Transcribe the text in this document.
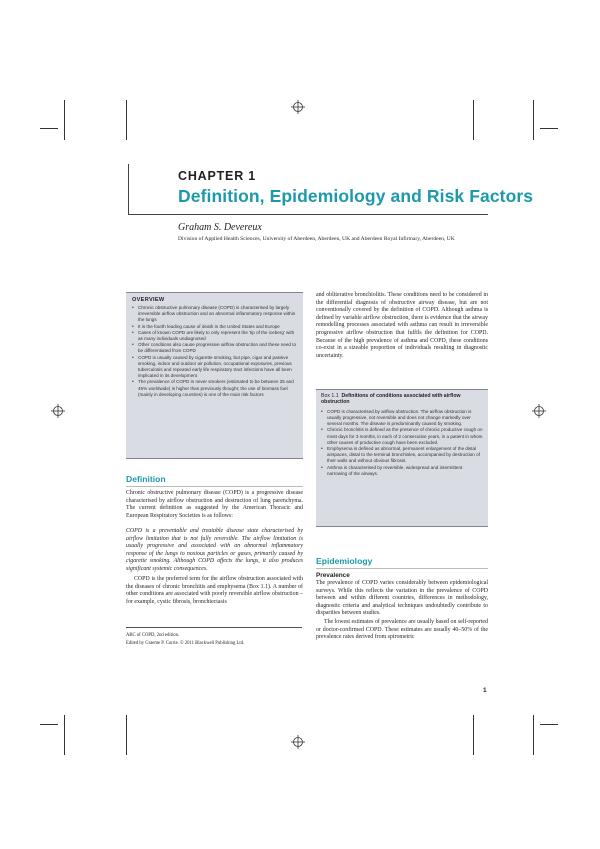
CHAPTER 1
Definition, Epidemiology and Risk Factors
Graham S. Devereux
Division of Applied Health Sciences, University of Aberdeen, Aberdeen, UK and Aberdeen Royal Infirmary, Aberdeen, UK
OVERVIEW
• Chronic obstructive pulmonary disease (COPD) is characterised by largely irreversible airflow obstruction and an abnormal inflammatory response within the lungs
• It is the fourth leading cause of death in the United States and Europe
• Cases of known COPD are likely to only represent the 'tip of the iceberg' with as many individuals undiagnosed
• Other conditions also cause progressive airflow obstruction and these need to be differentiated from COPD
• COPD is usually caused by cigarette smoking, but pipe, cigar and passive smoking, indoor and outdoor air pollution, occupational exposures, previous tuberculosis and repeated early life respiratory tract infections have all been implicated in its development
• The prevalence of COPD in never smokers (estimated to be between 25 and 45% worldwide) is higher than previously thought; the use of biomass fuel (mainly in developing countries) is one of the main risk factors
Definition
Chronic obstructive pulmonary disease (COPD) is a progressive disease characterised by airflow obstruction and destruction of lung parenchyma. The current definition as suggested by the American Thoracic and European Respiratory Societies is as follows:
COPD is a preventable and treatable disease state characterised by airflow limitation that is not fully reversible. The airflow limitation is usually progressive and associated with an abnormal inflammatory response of the lungs to noxious particles or gases, primarily caused by cigarette smoking. Although COPD affects the lungs, it also produces significant systemic consequences.
COPD is the preferred term for the airflow obstruction associated with the diseases of chronic bronchitis and emphysema (Box 1.1). A number of other conditions are associated with poorly reversible airflow obstruction – for example, cystic fibrosis, bronchiectasis
and obliterative bronchiolitis. These conditions need to be considered in the differential diagnosis of obstructive airway disease, but are not conventionally covered by the definition of COPD. Although asthma is defined by variable airflow obstruction, there is evidence that the airway remodelling processes associated with asthma can result in irreversible progressive airflow obstruction that fulfils the definition for COPD. Because of the high prevalence of asthma and COPD, these conditions co-exist in a sizeable proportion of individuals resulting in diagnostic uncertainty.
Box 1.1 Definitions of conditions associated with airflow obstruction
• COPD is characterised by airflow obstruction. The airflow obstruction is usually progressive, not reversible and does not change markedly over several months. The disease is predominantly caused by smoking.
• Chronic bronchitis is defined as the presence of chronic productive cough on most days for 3 months, in each of 2 consecutive years, in a patient in whom other causes of productive cough have been excluded.
• Emphysema is defined as abnormal, permanent enlargement of the distal airspaces, distal to the terminal bronchioles, accompanied by destruction of their walls and without obvious fibrosis.
• Asthma is characterised by reversible, widespread and intermittent narrowing of the airways.
Epidemiology
Prevalence
The prevalence of COPD varies considerably between epidemiological surveys. While this reflects the variation in the prevalence of COPD between and within different countries, differences in methodology, diagnostic criteria and analytical techniques undoubtedly contribute to disparities between studies.
The lowest estimates of prevalence are usually based on self-reported or doctor-confirmed COPD. These estimates are usually 40–50% of the prevalence rates derived from spirometric
ABC of COPD, 2nd edition.
Edited by Graeme P. Currie. © 2011 Blackwell Publishing Ltd.
1
